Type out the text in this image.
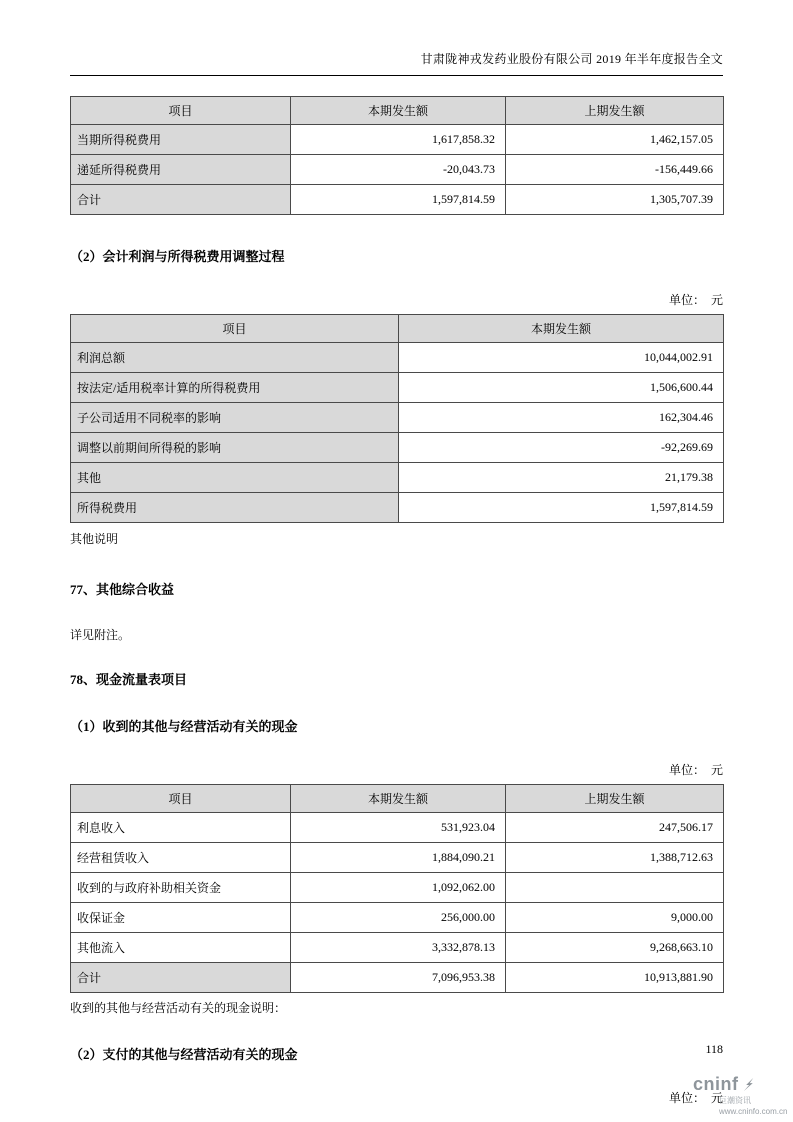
甘肃陇神戎发药业股份有限公司 2019 年半年度报告全文
项目	本期发生额	上期发生额
当期所得税费用	1,617,858.32	1,462,157.05
递延所得税费用	-20,043.73	-156,449.66
合计	1,597,814.59	1,305,707.39
（2）会计利润与所得税费用调整过程
单位：　元
项目	本期发生额
利润总额	10,044,002.91
按法定/适用税率计算的所得税费用	1,506,600.44
子公司适用不同税率的影响	162,304.46
调整以前期间所得税的影响	-92,269.69
其他	21,179.38
所得税费用	1,597,814.59
其他说明
77、其他综合收益
详见附注。
78、现金流量表项目
（1）收到的其他与经营活动有关的现金
单位：　元
项目	本期发生额	上期发生额
利息收入	531,923.04	247,506.17
经营租赁收入	1,884,090.21	1,388,712.63
收到的与政府补助相关资金	1,092,062.00	
收保证金	256,000.00	9,000.00
其他流入	3,332,878.13	9,268,663.10
合计	7,096,953.38	10,913,881.90
收到的其他与经营活动有关的现金说明：
（2）支付的其他与经营活动有关的现金
单位：　元
118
cninf
巨潮资讯
www.cninfo.com.cn
